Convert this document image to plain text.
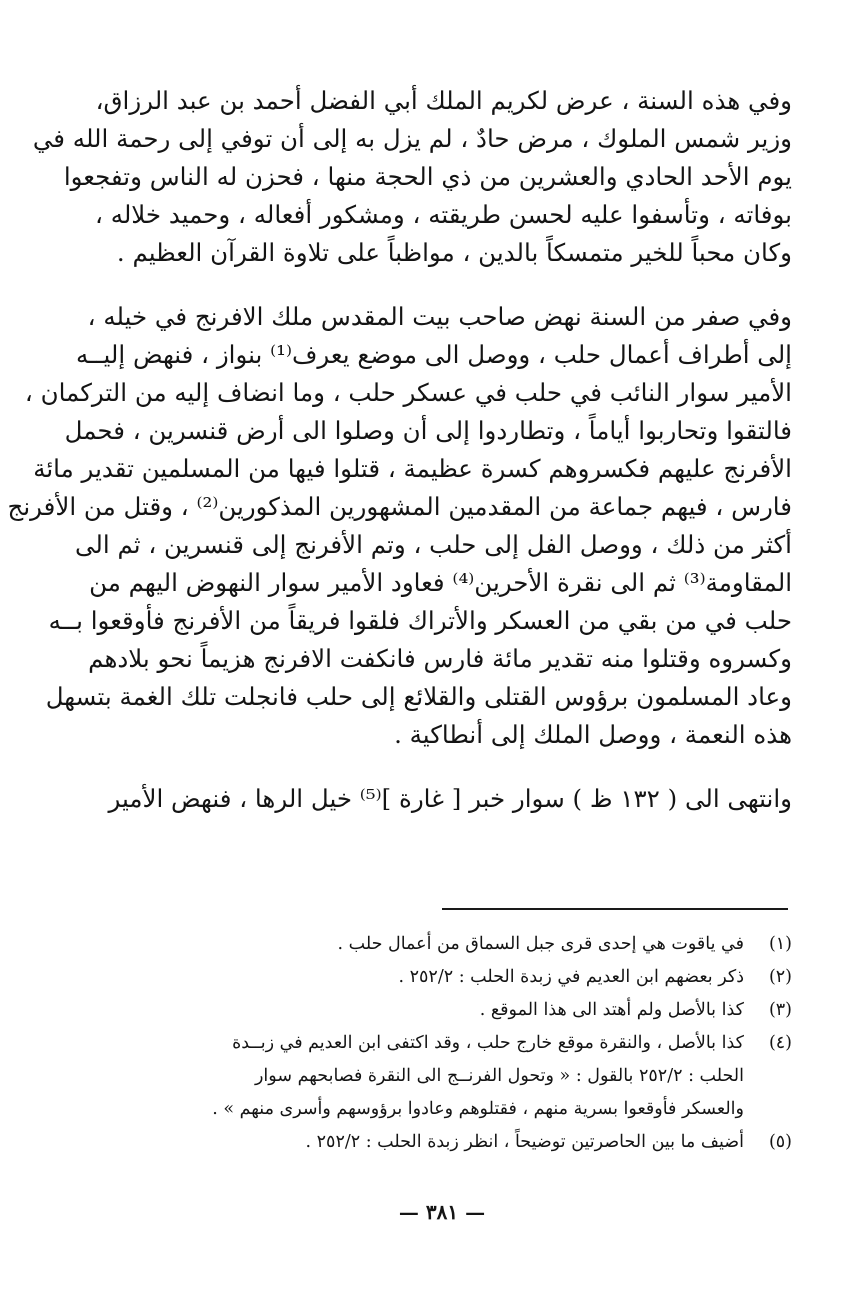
وفي هذه السنة ، عرض لكريم الملك أبي الفضل أحمد بن عبد الرزاق،
وزير شمس الملوك ، مرض حادٌ ، لم يزل به إلى أن توفي إلى رحمة الله في
يوم الأحد الحادي والعشرين من ذي الحجة منها ، فحزن له الناس وتفجعوا
بوفاته ، وتأسفوا عليه لحسن طريقته ، ومشكور أفعاله ، وحميد خلاله ،
وكان محباً للخير متمسكاً بالدين ، مواظباً على تلاوة القرآن العظيم .
وفي صفر من السنة نهض صاحب بيت المقدس ملك الافرنج في خيله ،
إلى أطراف أعمال حلب ، ووصل الى موضع يعرف⁽¹⁾ بنواز ، فنهض إليــه
الأمير سوار النائب في حلب في عسكر حلب ، وما انضاف إليه من التركمان ،
فالتقوا وتحاربوا أياماً ، وتطاردوا إلى أن وصلوا الى أرض قنسرين ، فحمل
الأفرنج عليهم فكسروهم كسرة عظيمة ، قتلوا فيها من المسلمين تقدير مائة
فارس ، فيهم جماعة من المقدمين المشهورين المذكورين⁽²⁾ ، وقتل من الأفرنج
أكثر من ذلك ، ووصل الفل إلى حلب ، وتم الأفرنج إلى قنسرين ، ثم الى
المقاومة⁽³⁾ ثم الى نقرة الأحرين⁽⁴⁾ فعاود الأمير سوار النهوض اليهم من
حلب في من بقي من العسكر والأتراك فلقوا فريقاً من الأفرنج فأوقعوا بــه
وكسروه وقتلوا منه تقدير مائة فارس فانكفت الافرنج هزيماً نحو بلادهم
وعاد المسلمون برؤوس القتلى والقلائع إلى حلب فانجلت تلك الغمة بتسهل
هذه النعمة ، ووصل الملك إلى أنطاكية .
وانتهى الى ( ١٣٢ ظ ) سوار خبر [ غارة ]⁽⁵⁾ خيل الرها ، فنهض الأمير
(١)
في ياقوت هي إحدى قرى جبل السماق من أعمال حلب .
(٢)
ذكر بعضهم ابن العديم في زبدة الحلب : ٢٥٢/٢ .
(٣)
كذا بالأصل ولم أهتد الى هذا الموقع .
(٤)
كذا بالأصل ، والنقرة موقع خارج حلب ، وقد اكتفى ابن العديم في زبــدة
الحلب : ٢٥٢/٢ بالقول : « وتحول الفرنــج الى النقرة فصابحهم سوار
والعسكر فأوقعوا بسرية منهم ، فقتلوهم وعادوا برؤوسهم وأسرى منهم » .
(٥)
أضيف ما بين الحاصرتين توضيحاً ، انظر زبدة الحلب : ٢٥٢/٢ .
— ٣٨١ —
